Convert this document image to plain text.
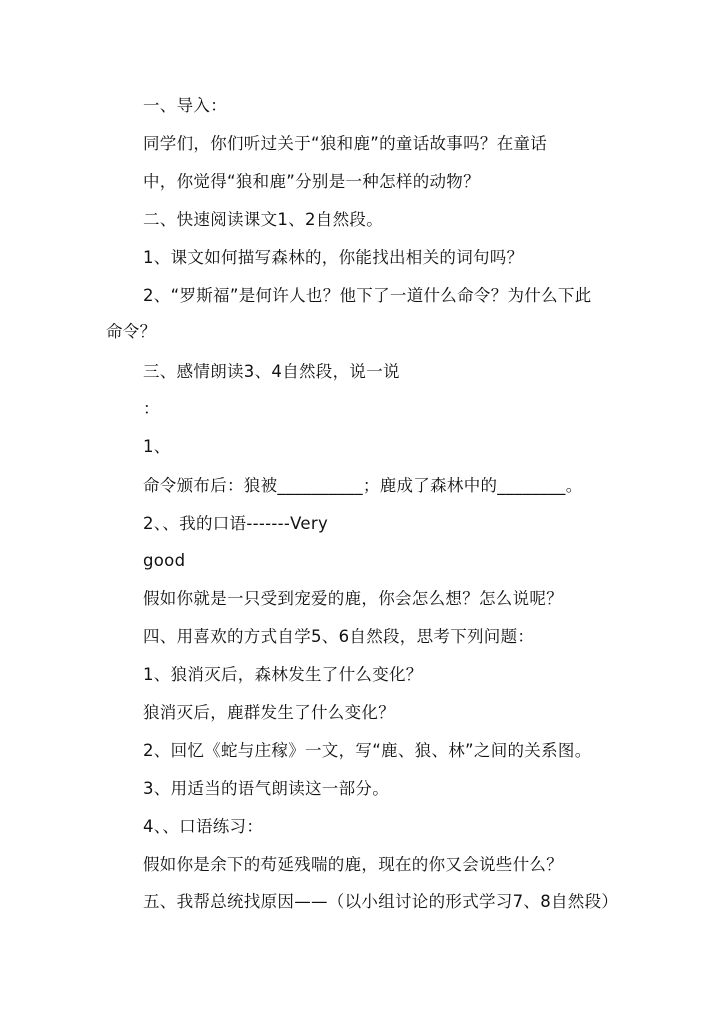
一、导入：
同学们，你们听过关于“狼和鹿”的童话故事吗？在童话
中，你觉得“狼和鹿”分别是一种怎样的动物？
二、快速阅读课文1、2自然段。
1、课文如何描写森林的，你能找出相关的词句吗？
2、“罗斯福”是何许人也？他下了一道什么命令？为什么下此
命令？
三、感情朗读3、4自然段，说一说
：
1、
命令颁布后：狼被__________；鹿成了森林中的________。
2、、我的口语-------Very
good
假如你就是一只受到宠爱的鹿，你会怎么想？怎么说呢？
四、用喜欢的方式自学5、6自然段，思考下列问题：
1、狼消灭后，森林发生了什么变化？
狼消灭后，鹿群发生了什么变化？
2、回忆《蛇与庄稼》一文，写“鹿、狼、林”之间的关系图。
3、用适当的语气朗读这一部分。
4、、口语练习：
假如你是余下的苟延残喘的鹿，现在的你又会说些什么？
五、我帮总统找原因——（以小组讨论的形式学习7、8自然段）
